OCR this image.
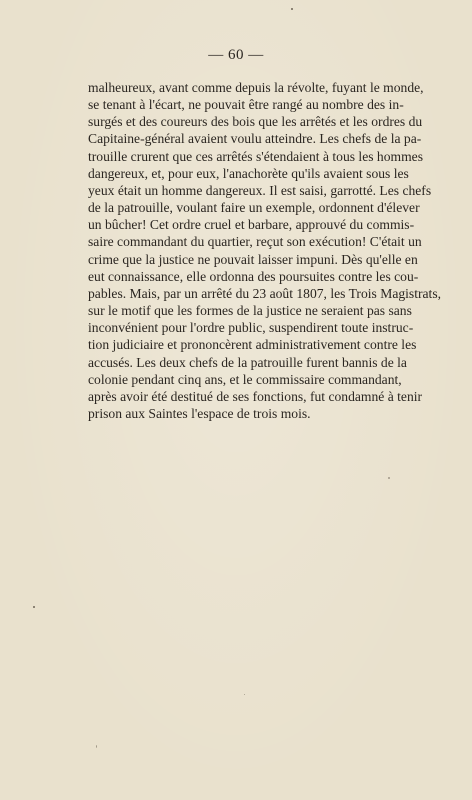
— 60 —
malheureux, avant comme depuis la révolte, fuyant le monde,
se tenant à l'écart, ne pouvait être rangé au nombre des in-
surgés et des coureurs des bois que les arrêtés et les ordres du
Capitaine-général avaient voulu atteindre. Les chefs de la pa-
trouille crurent que ces arrêtés s'étendaient à tous les hommes
dangereux, et, pour eux, l'anachorète qu'ils avaient sous les
yeux était un homme dangereux. Il est saisi, garrotté. Les chefs
de la patrouille, voulant faire un exemple, ordonnent d'élever
un bûcher! Cet ordre cruel et barbare, approuvé du commis-
saire commandant du quartier, reçut son exécution! C'était un
crime que la justice ne pouvait laisser impuni. Dès qu'elle en
eut connaissance, elle ordonna des poursuites contre les cou-
pables. Mais, par un arrêté du 23 août 1807, les Trois Magistrats,
sur le motif que les formes de la justice ne seraient pas sans
inconvénient pour l'ordre public, suspendirent toute instruc-
tion judiciaire et prononcèrent administrativement contre les
accusés. Les deux chefs de la patrouille furent bannis de la
colonie pendant cinq ans, et le commissaire commandant,
après avoir été destitué de ses fonctions, fut condamné à tenir
prison aux Saintes l'espace de trois mois.
